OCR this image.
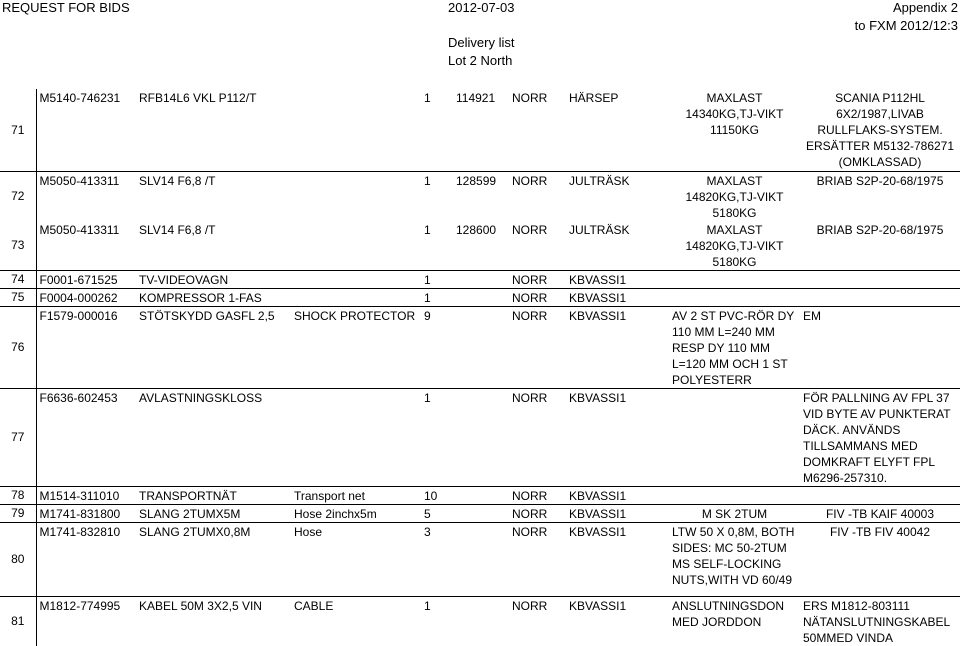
REQUEST FOR BIDS	2012-07-03	Appendix 2
to FXM 2012/12:3
Delivery list
Lot 2 North
71	M5140-746231	RFB14L6 VKL P112/T		1	114921	NORR	HÄRSEP	MAXLAST 14340KG,TJ-VIKT 11150KG	SCANIA P112HL 6X2/1987,LIVAB RULLFLAKS-SYSTEM. ERSÄTTER M5132-786271 (OMKLASSAD)
72	M5050-413311	SLV14 F6,8 /T		1	128599	NORR	JULTRÄSK	MAXLAST 14820KG,TJ-VIKT 5180KG	BRIAB S2P-20-68/1975
73	M5050-413311	SLV14 F6,8 /T		1	128600	NORR	JULTRÄSK	MAXLAST 14820KG,TJ-VIKT 5180KG	BRIAB S2P-20-68/1975
74	F0001-671525	TV-VIDEOVAGN		1		NORR	KBVASSI1		
75	F0004-000262	KOMPRESSOR 1-FAS		1		NORR	KBVASSI1		
76	F1579-000016	STÖTSKYDD GASFL 2,5	SHOCK PROTECTOR	9		NORR	KBVASSI1	AV 2 ST PVC-RÖR DY 110 MM L=240 MM RESP DY 110 MM L=120 MM OCH 1 ST POLYESTERR	EM
77	F6636-602453	AVLASTNINGSKLOSS		1		NORR	KBVASSI1		FÖR PALLNING AV FPL 37 VID BYTE AV PUNKTERAT DÄCK. ANVÄNDS TILLSAMMANS MED DOMKRAFT ELYFT FPL M6296-257310.
78	M1514-311010	TRANSPORTNÄT	Transport net	10		NORR	KBVASSI1		
79	M1741-831800	SLANG 2TUMX5M	Hose 2inchx5m	5		NORR	KBVASSI1	M SK 2TUM	FIV -TB KAIF 40003
80	M1741-832810	SLANG 2TUMX0,8M	Hose	3		NORR	KBVASSI1	LTW 50 X 0,8M, BOTH SIDES: MC 50-2TUM MS SELF-LOCKING NUTS,WITH VD 60/49	FIV -TB FIV 40042
81	M1812-774995	KABEL 50M 3X2,5 VIN	CABLE	1		NORR	KBVASSI1	ANSLUTNINGSDON MED JORDDON	ERS M1812-803111 NÄTANSLUTNINGSKABEL 50MMED VINDA
